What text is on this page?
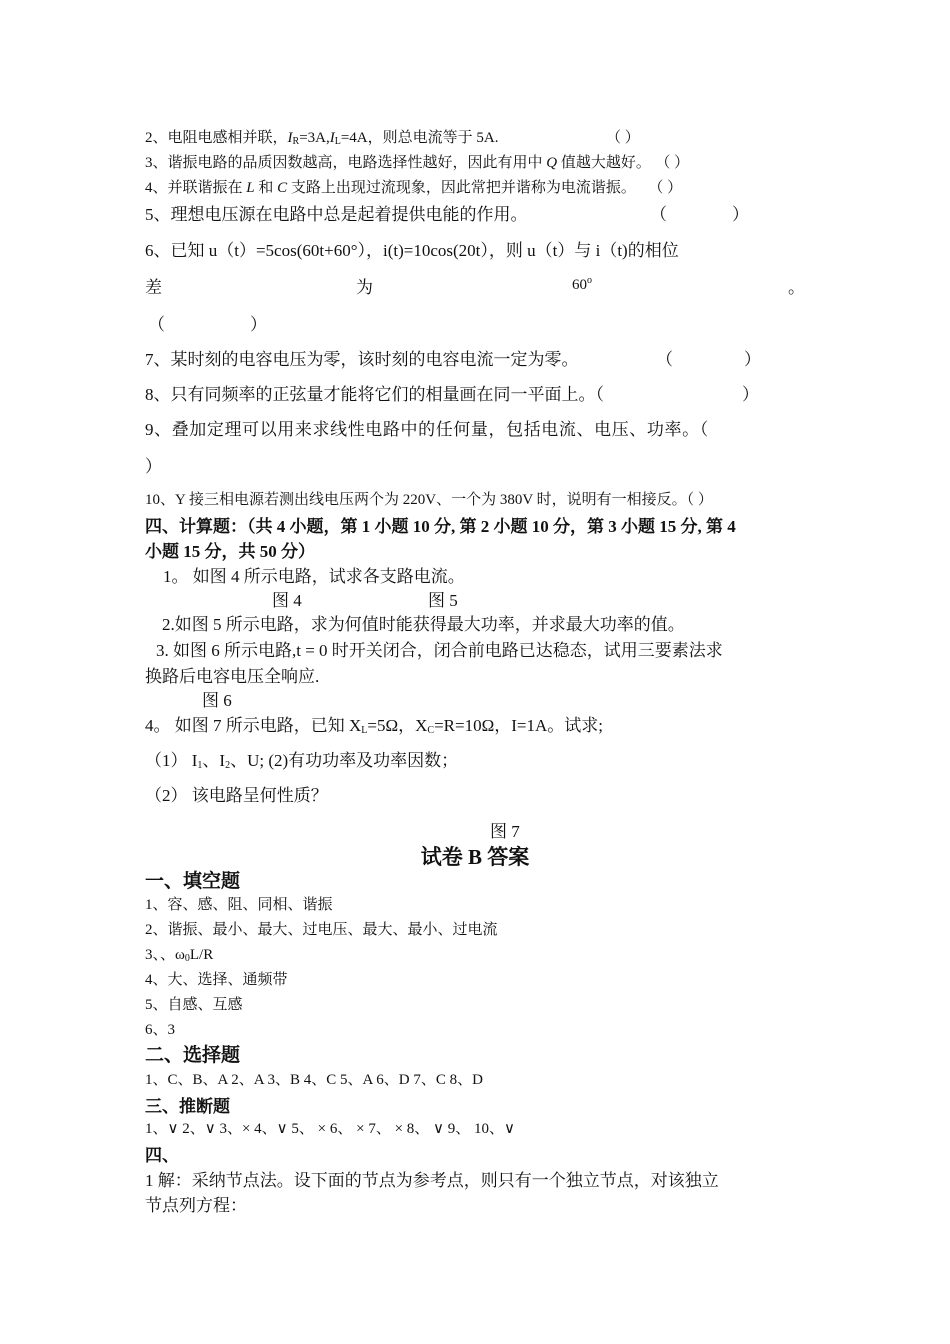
2、电阻电感相并联，$I_R=3A,I_L=4A$，则总电流等于 5A.	（ ）
3、谐振电路的品质因数越高，电路选择性越好，因此有用中 Q 值越大越好。 （ ）
4、并联谐振在 L 和 C 支路上出现过流现象，因此常把并谐称为电流谐振。 （ ）
5、理想电压源在电路中总是起着提供电能的作用。	（	）
6、已知 u（t）=5cos(60t+60°），i(t)=10cos(20t），则 u（t）与 i（t)的相位
差	为	60$^o$	。
（	）
7、某时刻的电容电压为零，该时刻的电容电流一定为零。	（	）
8、只有同频率的正弦量才能将它们的相量画在同一平面上。（	）
9、叠加定理可以用来求线性电路中的任何量，包括电流、电压、功率。（
）
10、Y 接三相电源若测出线电压两个为 220V、一个为 380V 时，说明有一相接反。（ ）
四、计算题：（共 4 小题，第 1 小题 10 分, 第 2 小题 10 分，第 3 小题 15 分, 第 4
小题 15 分，共 50 分）
1。 如图 4 所示电路，试求各支路电流。
图 4	图 5
2.如图 5 所示电路，求为何值时能获得最大功率，并求最大功率的值。
3. 如图 6 所示电路,t = 0 时开关闭合，闭合前电路已达稳态，试用三要素法求
换路后电容电压全响应.
图 6
4。 如图 7 所示电路，已知 $X_L=5\Omega$，$X_C=R=10\Omega$，I=1A。试求;
（1） $I_1$、$I_2$、U; (2)有功功率及功率因数；
（2） 该电路呈何性质？
图 7
试卷 B 答案
一、填空题
1、容、感、阻、同相、谐振
2、谐振、最小、最大、过电压、最大、最小、过电流
3、、$\omega_0L/R$
4、大、选择、通频带
5、自感、互感
6、3
二、选择题
1、C、B、A 2、A 3、B 4、C 5、A 6、D 7、C 8、D
三、推断题
1、∨ 2、∨ 3、× 4、∨ 5、 × 6、 × 7、 × 8、 ∨ 9、 10、∨
四、
1 解：采纳节点法。设下面的节点为参考点，则只有一个独立节点，对该独立
节点列方程：
